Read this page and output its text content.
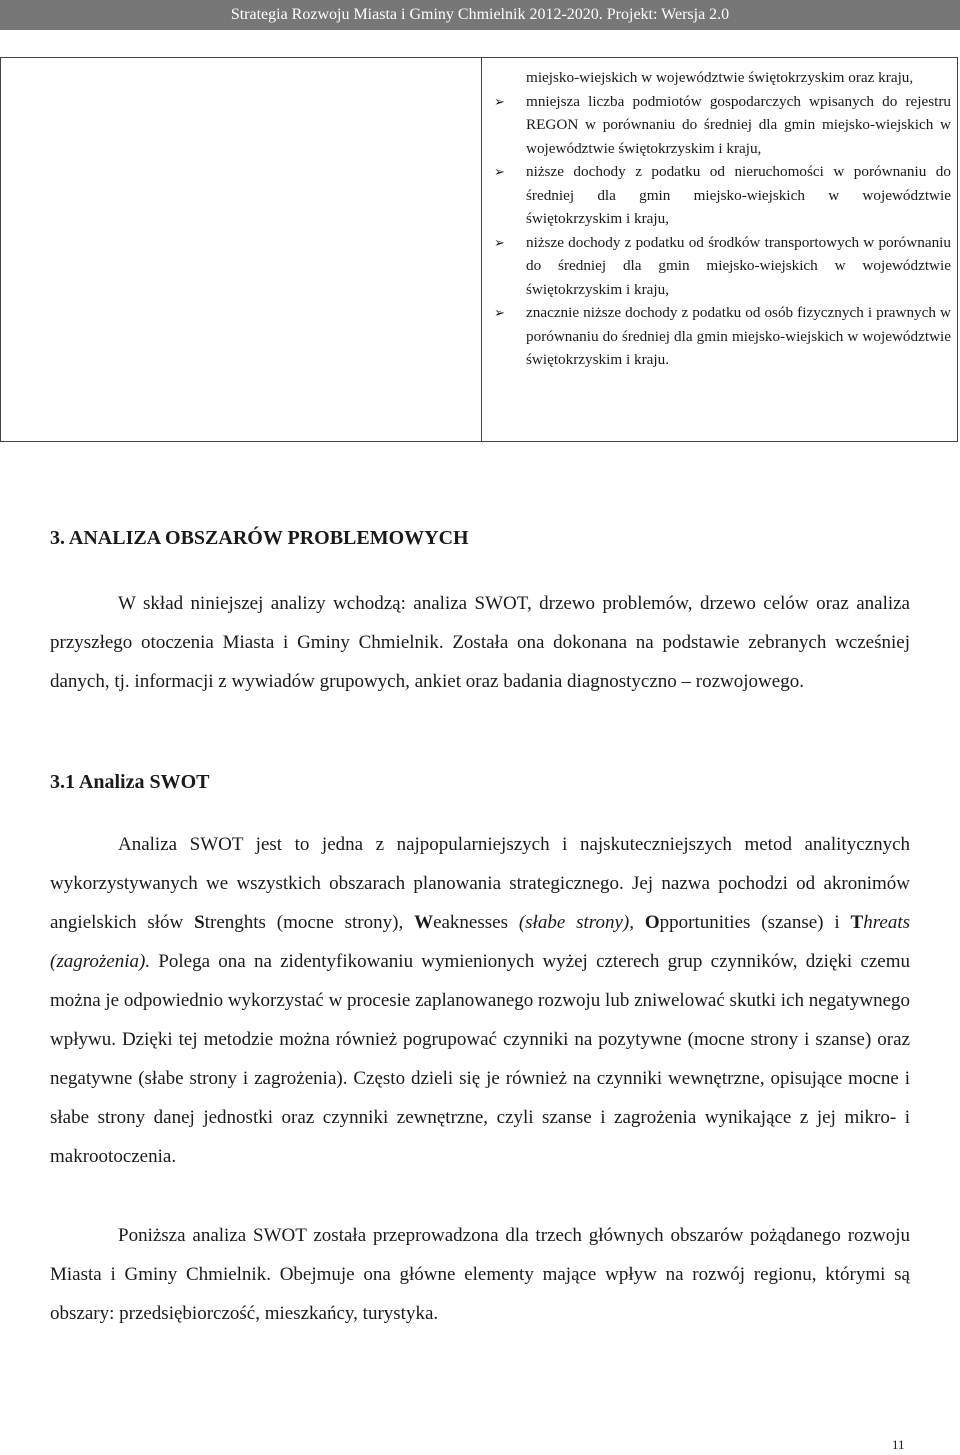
Strategia Rozwoju Miasta i Gminy Chmielnik 2012-2020. Projekt: Wersja 2.0
miejsko-wiejskich w województwie świętokrzyskim oraz kraju,
➢	mniejsza liczba podmiotów gospodarczych wpisanych do rejestru REGON w porównaniu do średniej dla gmin miejsko-wiejskich w województwie świętokrzyskim i kraju,
➢	niższe dochody z podatku od nieruchomości w porównaniu do średniej dla gmin miejsko-wiejskich w województwie świętokrzyskim i kraju,
➢	niższe dochody z podatku od środków transportowych w porównaniu do średniej dla gmin miejsko-wiejskich w województwie świętokrzyskim i kraju,
➢	znacznie niższe dochody z podatku od osób fizycznych i prawnych w porównaniu do średniej dla gmin miejsko-wiejskich w województwie świętokrzyskim i kraju.
3. ANALIZA OBSZARÓW PROBLEMOWYCH
W skład niniejszej analizy wchodzą: analiza SWOT, drzewo problemów, drzewo celów oraz analiza przyszłego otoczenia Miasta i Gminy Chmielnik. Została ona dokonana na podstawie zebranych wcześniej danych, tj. informacji z wywiadów grupowych, ankiet oraz badania diagnostyczno – rozwojowego.
3.1 Analiza SWOT
Analiza SWOT jest to jedna z najpopularniejszych i najskuteczniejszych metod analitycznych wykorzystywanych we wszystkich obszarach planowania strategicznego. Jej nazwa pochodzi od akronimów angielskich słów Strenghts (mocne strony), Weaknesses (słabe strony), Opportunities (szanse) i Threats (zagrożenia). Polega ona na zidentyfikowaniu wymienionych wyżej czterech grup czynników, dzięki czemu można je odpowiednio wykorzystać w procesie zaplanowanego rozwoju lub zniwelować skutki ich negatywnego wpływu. Dzięki tej metodzie można również pogrupować czynniki na pozytywne (mocne strony i szanse) oraz negatywne (słabe strony i zagrożenia). Często dzieli się je również na czynniki wewnętrzne, opisujące mocne i słabe strony danej jednostki oraz czynniki zewnętrzne, czyli szanse i zagrożenia wynikające z jej mikro- i makrootoczenia.
Poniższa analiza SWOT została przeprowadzona dla trzech głównych obszarów pożądanego rozwoju Miasta i Gminy Chmielnik. Obejmuje ona główne elementy mające wpływ na rozwój regionu, którymi są obszary: przedsiębiorczość, mieszkańcy, turystyka.
11
